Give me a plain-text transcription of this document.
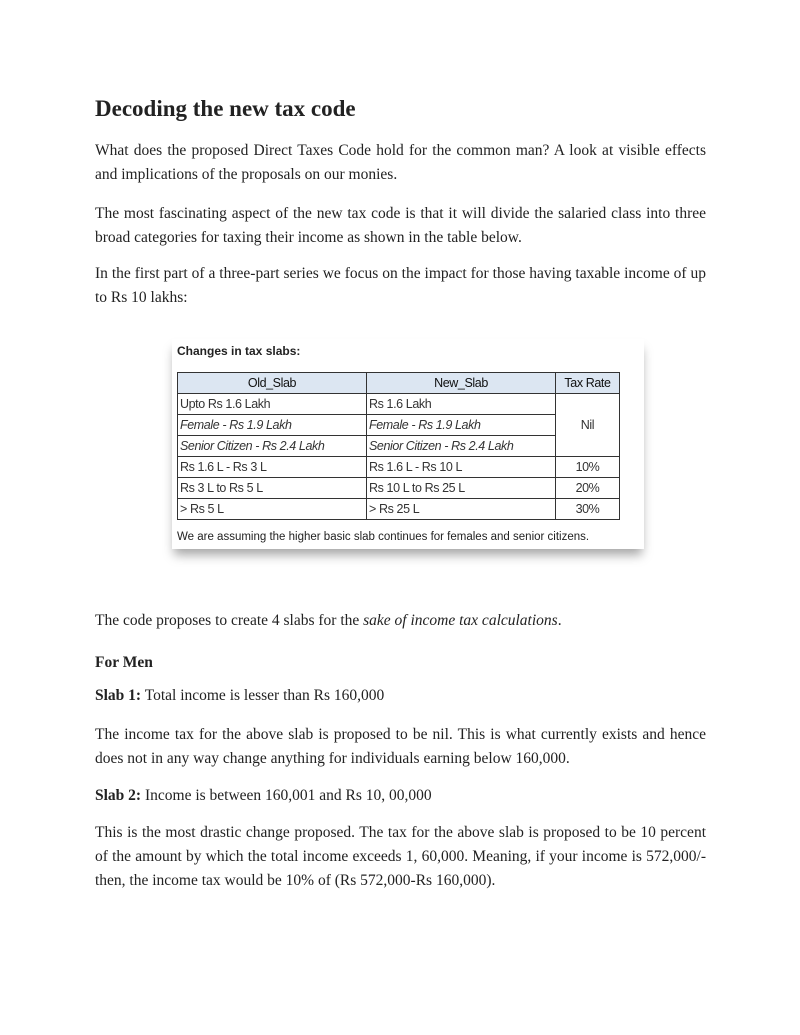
Decoding the new tax code

What does the proposed Direct Taxes Code hold for the common man? A look at visible effects and implications of the proposals on our monies.

The most fascinating aspect of the new tax code is that it will divide the salaried class into three broad categories for taxing their income as shown in the table below.

In the first part of a three-part series we focus on the impact for those having taxable income of up to Rs 10 lakhs:

Changes in tax slabs:
Old_Slab	New_Slab	Tax Rate
Upto Rs 1.6 Lakh	Rs 1.6 Lakh	Nil
Female - Rs 1.9 Lakh	Female - Rs 1.9 Lakh	
Senior Citizen - Rs 2.4 Lakh	Senior Citizen - Rs 2.4 Lakh	
Rs 1.6 L - Rs 3 L	Rs 1.6 L - Rs 10 L	10%
Rs 3 L to Rs 5 L	Rs 10 L to Rs 25 L	20%
> Rs 5 L	> Rs 25 L	30%
We are assuming the higher basic slab continues for females and senior citizens.

The code proposes to create 4 slabs for the sake of income tax calculations.

For Men

Slab 1: Total income is lesser than Rs 160,000

The income tax for the above slab is proposed to be nil. This is what currently exists and hence does not in any way change anything for individuals earning below 160,000.

Slab 2: Income is between 160,001 and Rs 10, 00,000

This is the most drastic change proposed. The tax for the above slab is proposed to be 10 percent of the amount by which the total income exceeds 1, 60,000. Meaning, if your income is 572,000/- then, the income tax would be 10% of (Rs 572,000-Rs 160,000).
